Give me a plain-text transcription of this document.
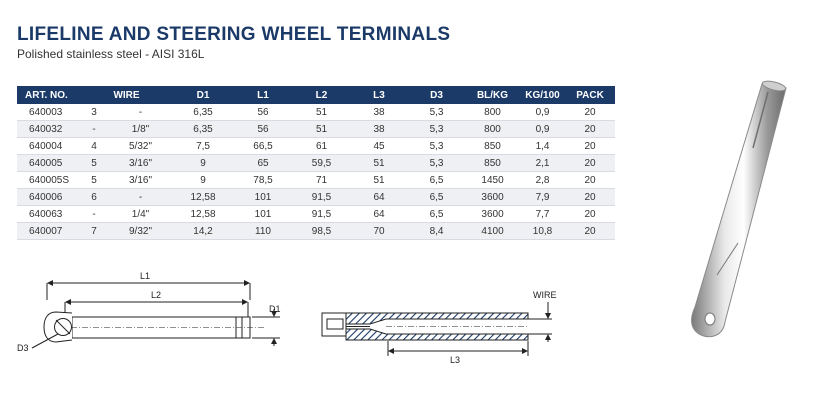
LIFELINE AND STEERING WHEEL TERMINALS
Polished stainless steel - AISI 316L
ART. NO.	WIRE		D1	L1	L2	L3	D3	BL/KG	KG/100	PACK
640003	3	-	6,35	56	51	38	5,3	800	0,9	20
640032	-	1/8"	6,35	56	51	38	5,3	800	0,9	20
640004	4	5/32"	7,5	66,5	61	45	5,3	850	1,4	20
640005	5	3/16"	9	65	59,5	51	5,3	850	2,1	20
640005S	5	3/16"	9	78,5	71	51	6,5	1450	2,8	20
640006	6	-	12,58	101	91,5	64	6,5	3600	7,9	20
640063	-	1/4"	12,58	101	91,5	64	6,5	3600	7,7	20
640007	7	9/32"	14,2	110	98,5	70	8,4	4100	10,8	20
L1
L2
D1
D3
L3
WIRE
